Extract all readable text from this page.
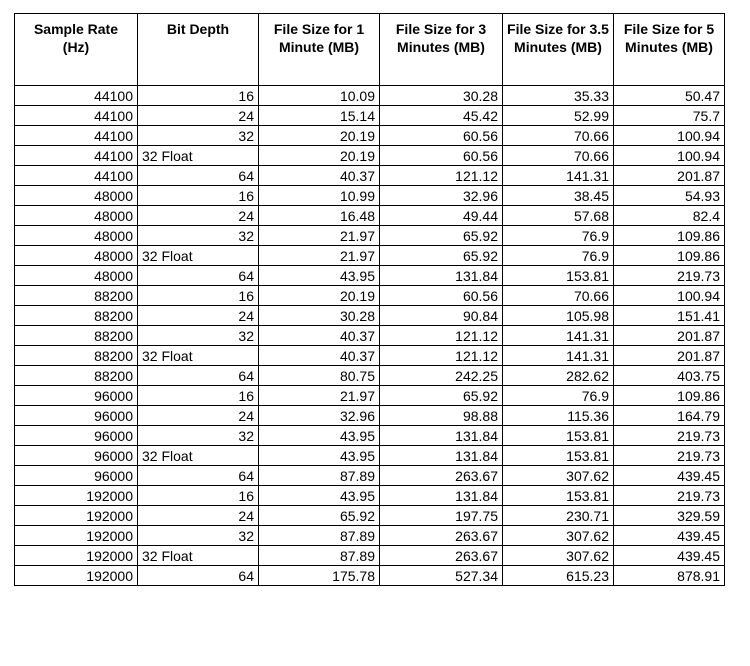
Sample Rate (Hz)	Bit Depth	File Size for 1 Minute (MB)	File Size for 3 Minutes (MB)	File Size for 3.5 Minutes (MB)	File Size for 5 Minutes (MB)
44100	16	10.09	30.28	35.33	50.47
44100	24	15.14	45.42	52.99	75.7
44100	32	20.19	60.56	70.66	100.94
44100	32 Float	20.19	60.56	70.66	100.94
44100	64	40.37	121.12	141.31	201.87
48000	16	10.99	32.96	38.45	54.93
48000	24	16.48	49.44	57.68	82.4
48000	32	21.97	65.92	76.9	109.86
48000	32 Float	21.97	65.92	76.9	109.86
48000	64	43.95	131.84	153.81	219.73
88200	16	20.19	60.56	70.66	100.94
88200	24	30.28	90.84	105.98	151.41
88200	32	40.37	121.12	141.31	201.87
88200	32 Float	40.37	121.12	141.31	201.87
88200	64	80.75	242.25	282.62	403.75
96000	16	21.97	65.92	76.9	109.86
96000	24	32.96	98.88	115.36	164.79
96000	32	43.95	131.84	153.81	219.73
96000	32 Float	43.95	131.84	153.81	219.73
96000	64	87.89	263.67	307.62	439.45
192000	16	43.95	131.84	153.81	219.73
192000	24	65.92	197.75	230.71	329.59
192000	32	87.89	263.67	307.62	439.45
192000	32 Float	87.89	263.67	307.62	439.45
192000	64	175.78	527.34	615.23	878.91
